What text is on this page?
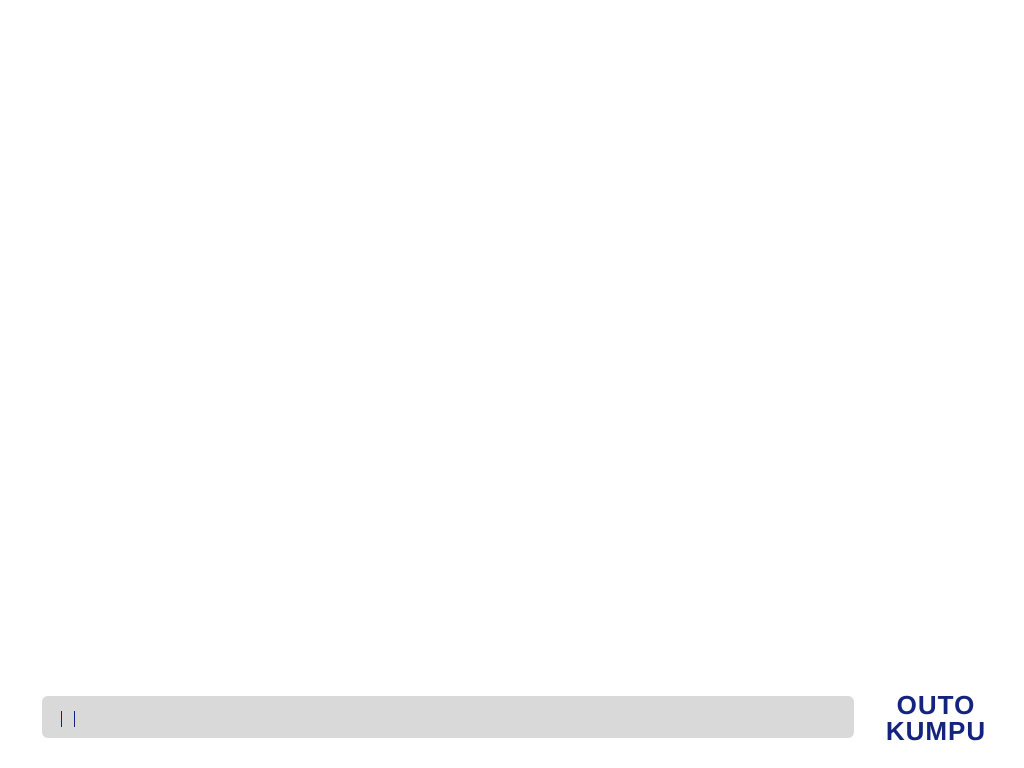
OUTO
KUMPU
